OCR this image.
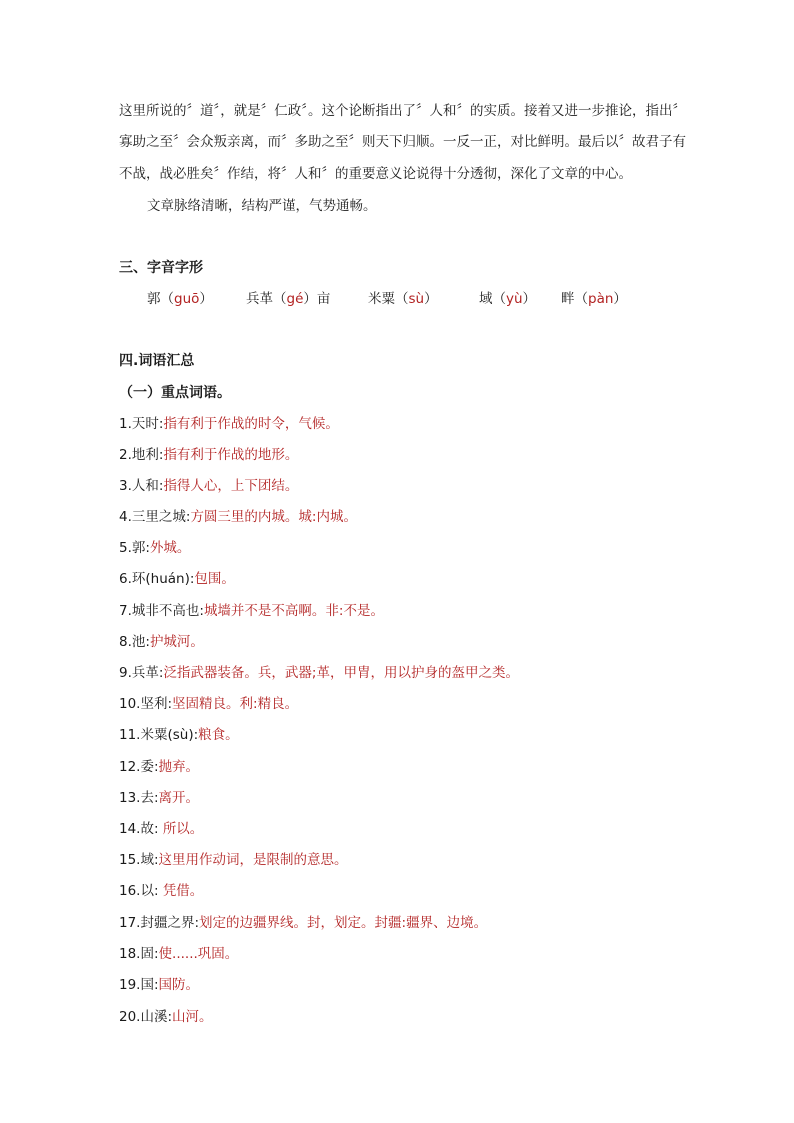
这里所说的〞道〞，就是〞仁政〞。这个论断指出了〞人和〞的实质。接着又进一步推论，指出〞
寡助之至〞会众叛亲离，而〞多助之至〞则天下归顺。一反一正，对比鲜明。最后以〞故君子有
不战，战必胜矣〞作结，将〞人和〞的重要意义论说得十分透彻，深化了文章的中心。
文章脉络清晰，结构严谨，气势通畅。
三、字音字形
郭（guō） 兵革（gé）亩	米粟（sù）	域（yù） 畔（pàn）
四.词语汇总
（一）重点词语。
1.天时:指有利于作战的时令，气候。
2.地利:指有利于作战的地形。
3.人和:指得人心，上下团结。
4.三里之城:方圆三里的内城。城:内城。
5.郭:外城。
6.环(huán):包围。
7.城非不高也:城墙并不是不高啊。非:不是。
8.池:护城河。
9.兵革:泛指武器装备。兵，武器;革，甲胄，用以护身的盔甲之类。
10.坚利:坚固精良。利:精良。
11.米粟(sù):粮食。
12.委:抛弃。
13.去:离开。
14.故: 所以。
15.域:这里用作动词，是限制的意思。
16.以: 凭借。
17.封疆之界:划定的边疆界线。封，划定。封疆:疆界、边境。
18.固:使......巩固。
19.国:国防。
20.山溪:山河。
